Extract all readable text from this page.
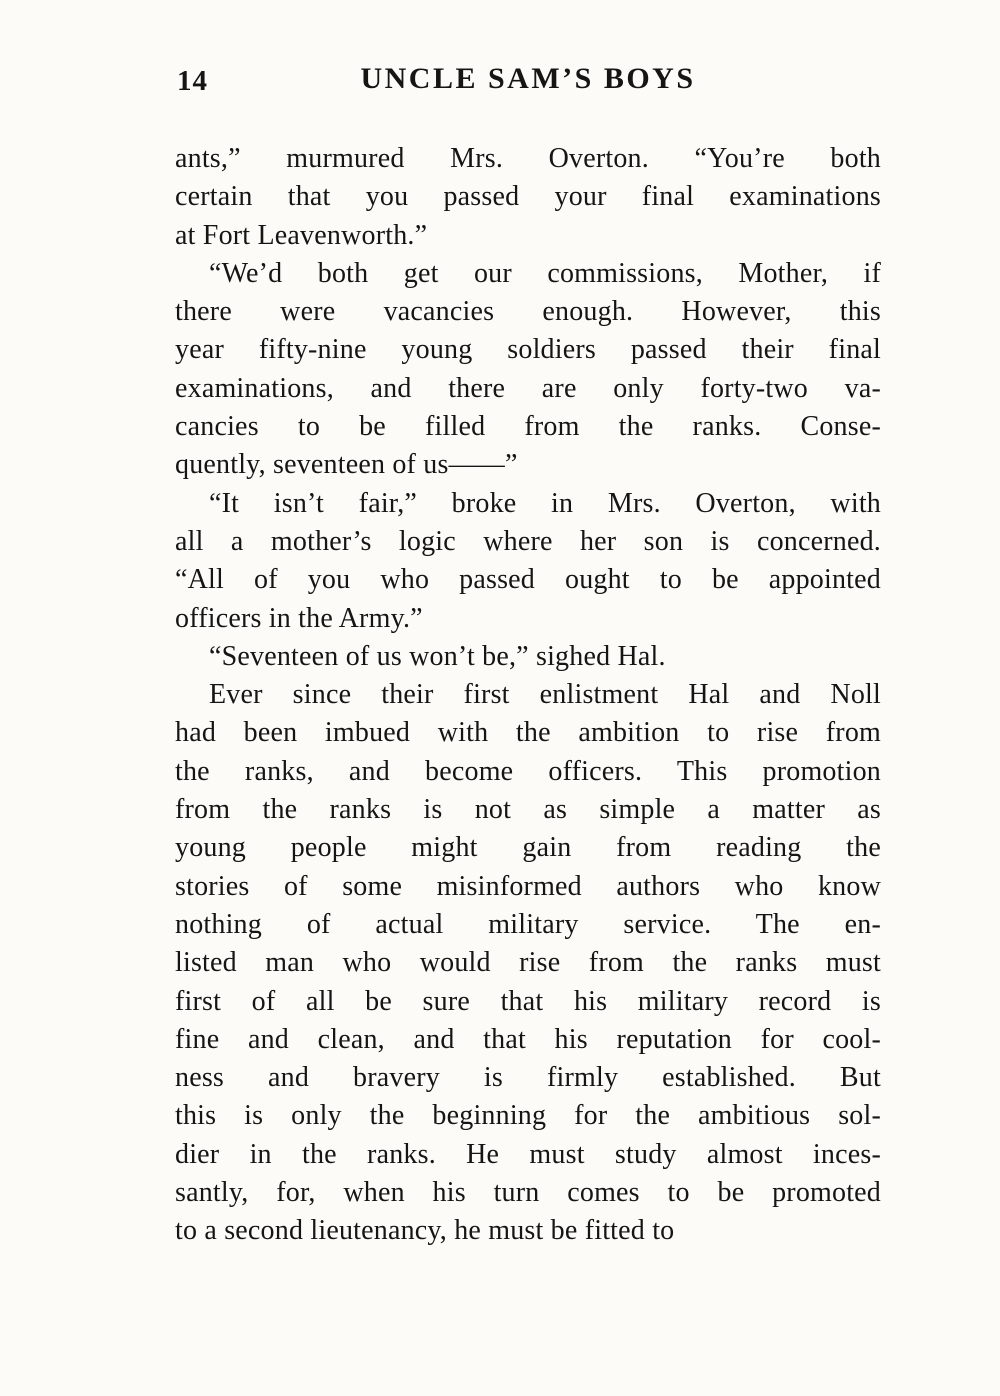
14	UNCLE SAM’S BOYS
ants,” murmured Mrs. Overton. “You’re both
certain that you passed your final examinations
at Fort Leavenworth.”
“We’d both get our commissions, Mother, if
there were vacancies enough. However, this
year fifty-nine young soldiers passed their final
examinations, and there are only forty-two va-
cancies to be filled from the ranks. Conse-
quently, seventeen of us——”
“It isn’t fair,” broke in Mrs. Overton, with
all a mother’s logic where her son is concerned.
“All of you who passed ought to be appointed
officers in the Army.”
“Seventeen of us won’t be,” sighed Hal.
Ever since their first enlistment Hal and Noll
had been imbued with the ambition to rise from
the ranks, and become officers. This promotion
from the ranks is not as simple a matter as
young people might gain from reading the
stories of some misinformed authors who know
nothing of actual military service. The en-
listed man who would rise from the ranks must
first of all be sure that his military record is
fine and clean, and that his reputation for cool-
ness and bravery is firmly established. But
this is only the beginning for the ambitious sol-
dier in the ranks. He must study almost inces-
santly, for, when his turn comes to be promoted
to a second lieutenancy, he must be fitted to
